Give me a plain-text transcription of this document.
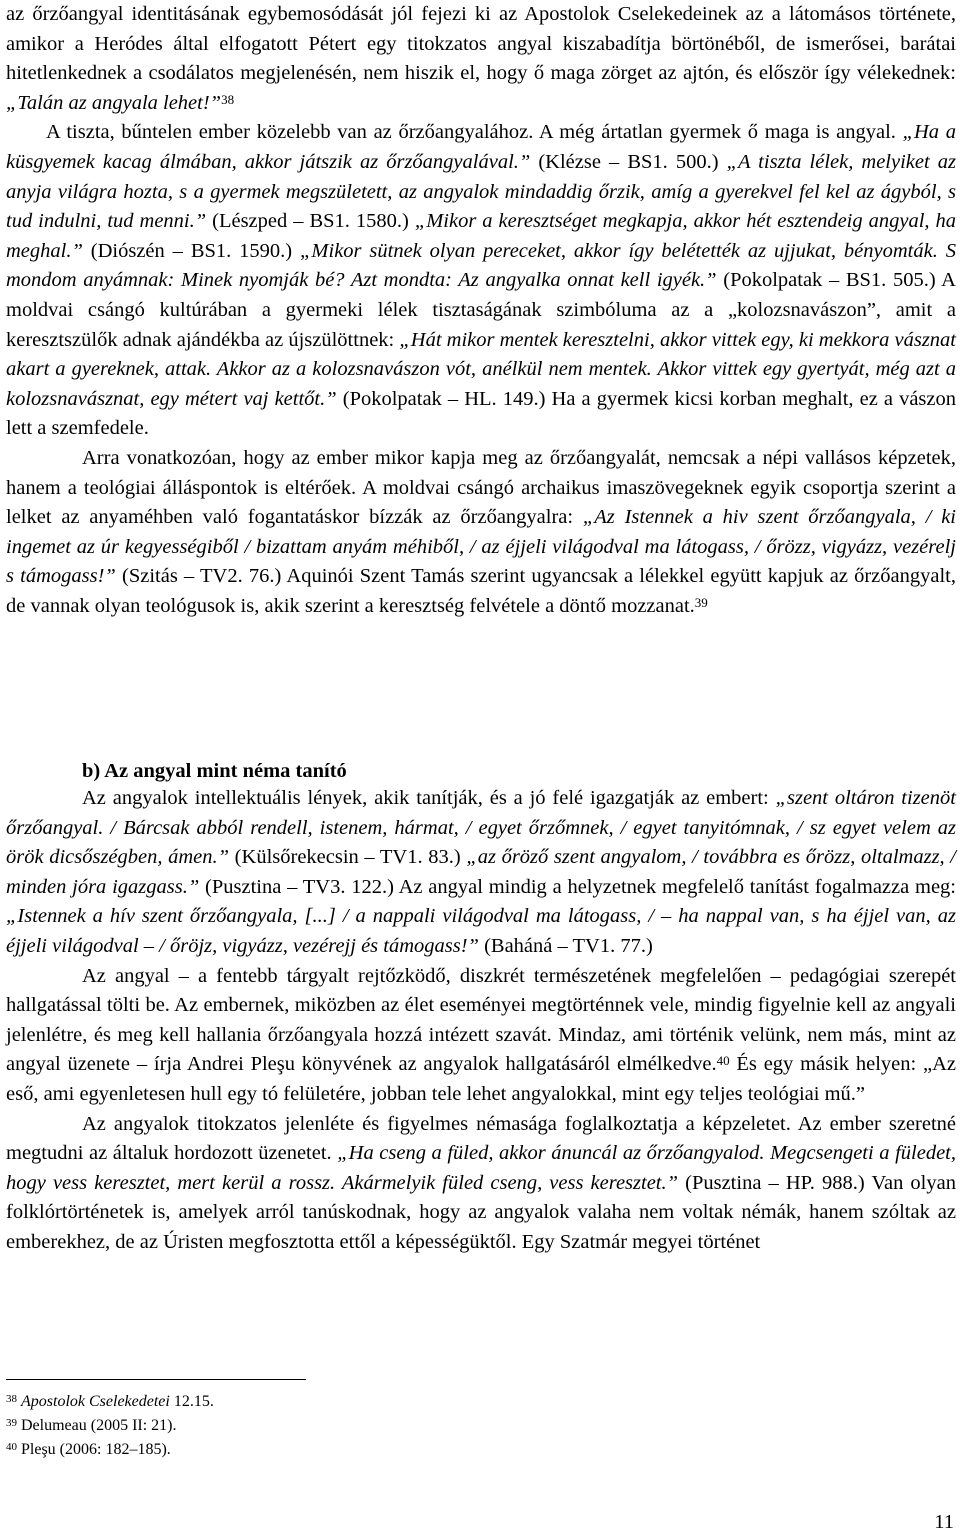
az őrzőangyal identitásának egybemosódását jól fejezi ki az Apostolok Cselekedeinek az a látomásos története, amikor a Heródes által elfogatott Pétert egy titokzatos angyal kiszabadítja börtönéből, de ismerősei, barátai hitetlenkednek a csodálatos megjelenésén, nem hiszik el, hogy ő maga zörget az ajtón, és először így vélekednek: „Talán az angyala lehet!”$^{38}$

A tiszta, bűntelen ember közelebb van az őrzőangyalához. A még ártatlan gyermek ő maga is angyal. „Ha a küsgyemek kacag álmában, akkor játszik az őrzőangyalával.” (Klézse – BS1. 500.) „A tiszta lélek, melyiket az anyja világra hozta, s a gyermek megszületett, az angyalok mindaddig őrzik, amíg a gyerekvel fel kel az ágyból, s tud indulni, tud menni.” (Lészped – BS1. 1580.) „Mikor a keresztséget megkapja, akkor hét esztendeig angyal, ha meghal.” (Diószén – BS1. 1590.) „Mikor sütnek olyan pereceket, akkor így belétették az ujjukat, bényomták. S mondom anyámnak: Minek nyomják bé? Azt mondta: Az angyalka onnat kell igyék.” (Pokolpatak – BS1. 505.) A moldvai csángó kultúrában a gyermeki lélek tisztaságának szimbóluma az a „kolozsnavászon”, amit a keresztszülők adnak ajándékba az újszülöttnek: „Hát mikor mentek keresztelni, akkor vittek egy, ki mekkora vásznat akart a gyereknek, attak. Akkor az a kolozsnavászon vót, anélkül nem mentek. Akkor vittek egy gyertyát, még azt a kolozsnavásznat, egy métert vaj kettőt.” (Pokolpatak – HL. 149.) Ha a gyermek kicsi korban meghalt, ez a vászon lett a szemfedele.

Arra vonatkozóan, hogy az ember mikor kapja meg az őrzőangyalát, nemcsak a népi vallásos képzetek, hanem a teológiai álláspontok is eltérőek. A moldvai csángó archaikus imaszövegeknek egyik csoportja szerint a lelket az anyaméhben való fogantatáskor bízzák az őrzőangyalra: „Az Istennek a hiv szent őrzőangyala, / ki ingemet az úr kegyességiből / bizattam anyám méhiből, / az éjjeli világodval ma látogass, / őrözz, vigyázz, vezérelj s támogass!” (Szitás – TV2. 76.) Aquinói Szent Tamás szerint ugyancsak a lélekkel együtt kapjuk az őrzőangyalt, de vannak olyan teológusok is, akik szerint a keresztség felvétele a döntő mozzanat.$^{39}$

b) Az angyal mint néma tanító

Az angyalok intellektuális lények, akik tanítják, és a jó felé igazgatják az embert: „szent oltáron tizenöt őrzőangyal. / Bárcsak abból rendell, istenem, hármat, / egyet őrzőmnek, / egyet tanyitómnak, / sz egyet velem az örök dicsőszégben, ámen.” (Külsőrekecsin – TV1. 83.) „az őröző szent angyalom, / továbbra es őrözz, oltalmazz, / minden jóra igazgass.” (Pusztina – TV3. 122.) Az angyal mindig a helyzetnek megfelelő tanítást fogalmazza meg: „Istennek a hív szent őrzőangyala, [...] / a nappali világodval ma látogass, / – ha nappal van, s ha éjjel van, az éjjeli világodval – / őröjz, vigyázz, vezérejj és támogass!” (Baháná – TV1. 77.)

Az angyal – a fentebb tárgyalt rejtőzködő, diszkrét természetének megfelelően – pedagógiai szerepét hallgatással tölti be. Az embernek, miközben az élet eseményei megtörténnek vele, mindig figyelnie kell az angyali jelenlétre, és meg kell hallania őrzőangyala hozzá intézett szavát. Mindaz, ami történik velünk, nem más, mint az angyal üzenete – írja Andrei Pleşu könyvének az angyalok hallgatásáról elmélkedve.$^{40}$ És egy másik helyen: „Az eső, ami egyenletesen hull egy tó felületére, jobban tele lehet angyalokkal, mint egy teljes teológiai mű.”

Az angyalok titokzatos jelenléte és figyelmes némasága foglalkoztatja a képzeletet. Az ember szeretné megtudni az általuk hordozott üzenetet. „Ha cseng a füled, akkor ánuncál az őrzőangyalod. Megcsengeti a füledet, hogy vess keresztet, mert kerül a rossz. Akármelyik füled cseng, vess keresztet.” (Pusztina – HP. 988.) Van olyan folklórtörténetek is, amelyek arról tanúskodnak, hogy az angyalok valaha nem voltak némák, hanem szóltak az emberekhez, de az Úristen megfosztotta ettől a képességüktől. Egy Szatmár megyei történet

$^{38}$ Apostolok Cselekedetei 12.15.

$^{39}$ Delumeau (2005 II: 21).

$^{40}$ Pleşu (2006: 182–185).

11
